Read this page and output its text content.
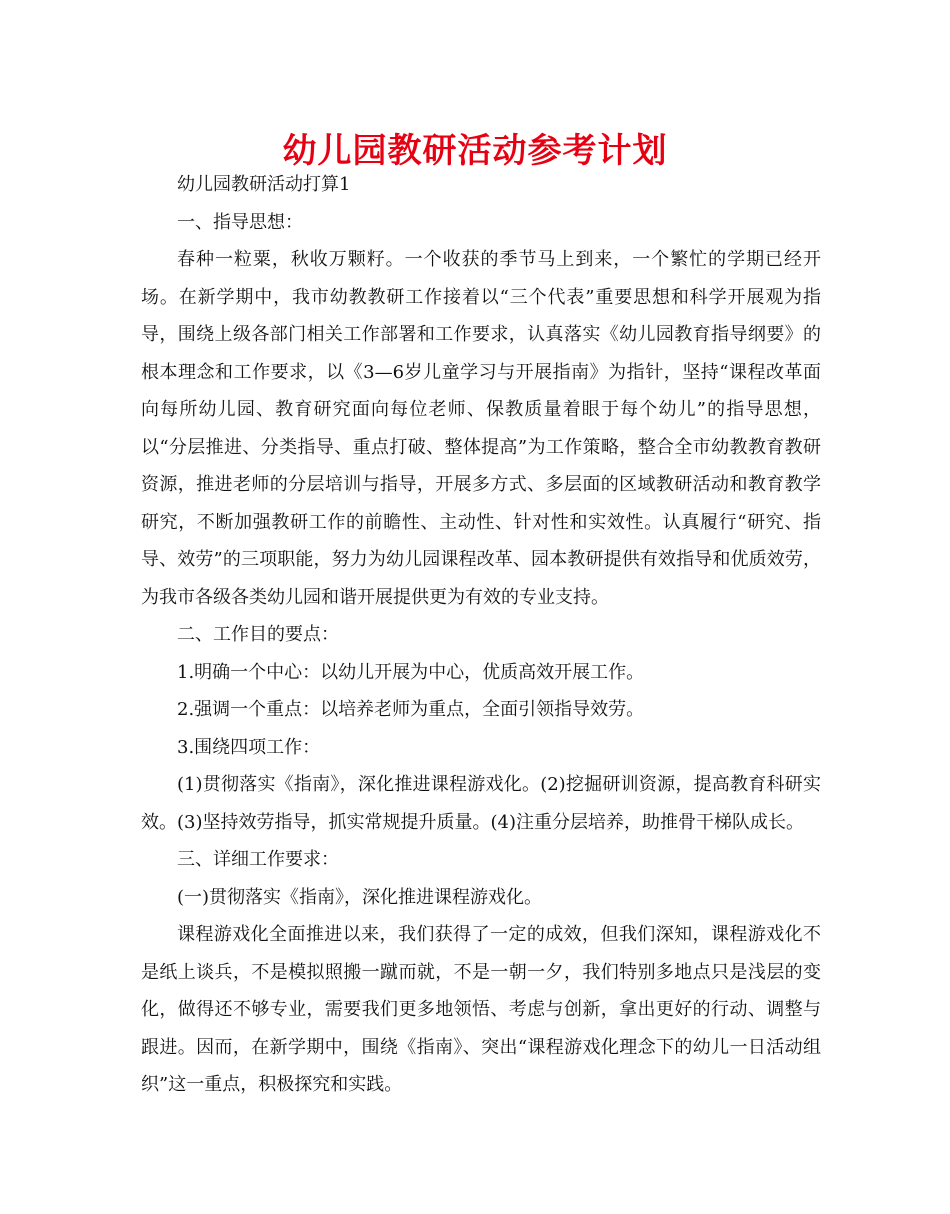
幼儿园教研活动参考计划

幼儿园教研活动打算1

一、指导思想：

春种一粒粟，秋收万颗籽。一个收获的季节马上到来，一个繁忙的学期已经开场。在新学期中，我市幼教教研工作接着以“三个代表”重要思想和科学开展观为指导，围绕上级各部门相关工作部署和工作要求，认真落实《幼儿园教育指导纲要》的根本理念和工作要求，以《3—6岁儿童学习与开展指南》为指针，坚持“课程改革面向每所幼儿园、教育研究面向每位老师、保教质量着眼于每个幼儿”的指导思想，以“分层推进、分类指导、重点打破、整体提高”为工作策略，整合全市幼教教育教研资源，推进老师的分层培训与指导，开展多方式、多层面的区域教研活动和教育教学研究，不断加强教研工作的前瞻性、主动性、针对性和实效性。认真履行“研究、指导、效劳”的三项职能，努力为幼儿园课程改革、园本教研提供有效指导和优质效劳，为我市各级各类幼儿园和谐开展提供更为有效的专业支持。

二、工作目的要点：

1.明确一个中心：以幼儿开展为中心，优质高效开展工作。

2.强调一个重点：以培养老师为重点，全面引领指导效劳。

3.围绕四项工作：

(1)贯彻落实《指南》，深化推进课程游戏化。(2)挖掘研训资源，提高教育科研实效。(3)坚持效劳指导，抓实常规提升质量。(4)注重分层培养，助推骨干梯队成长。

三、详细工作要求：

(一)贯彻落实《指南》，深化推进课程游戏化。

课程游戏化全面推进以来，我们获得了一定的成效，但我们深知，课程游戏化不是纸上谈兵，不是模拟照搬一蹴而就，不是一朝一夕，我们特别多地点只是浅层的变化，做得还不够专业，需要我们更多地领悟、考虑与创新，拿出更好的行动、调整与跟进。因而，在新学期中，围绕《指南》、突出“课程游戏化理念下的幼儿一日活动组织”这一重点，积极探究和实践。
